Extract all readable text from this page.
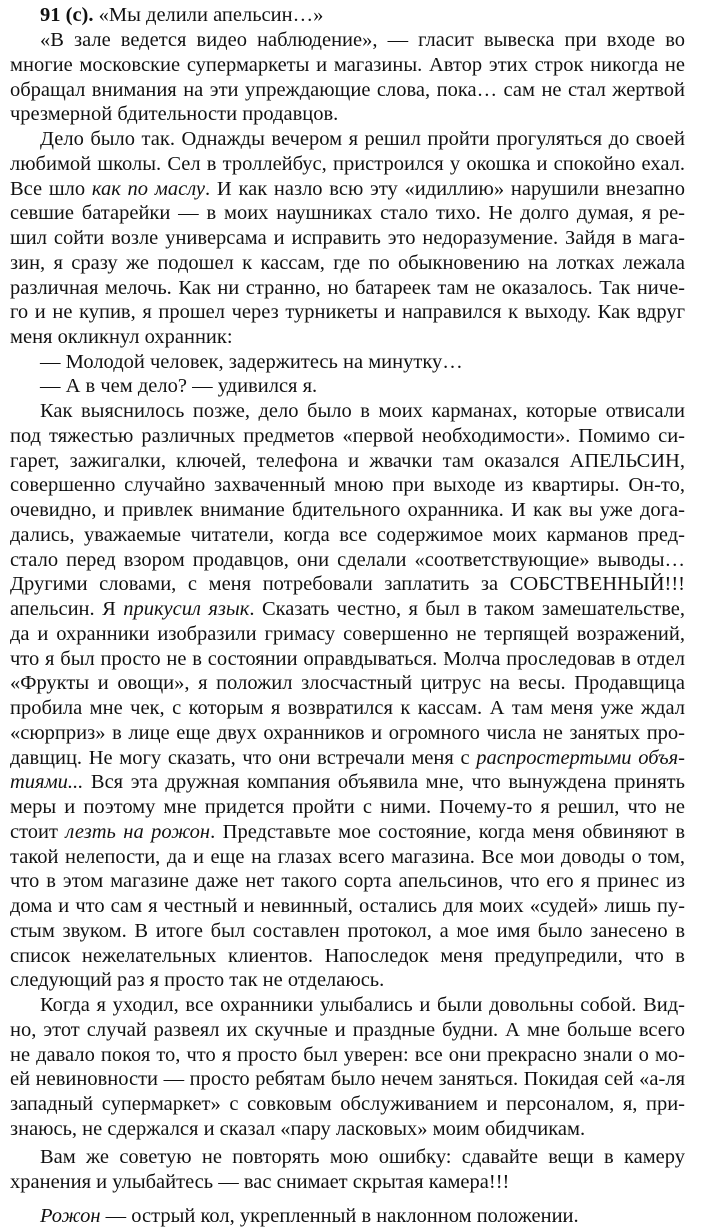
91 (с). «Мы делили апельсин…»
«В зале ведется видео наблюдение», — гласит вывеска при входе во
многие московские супермаркеты и магазины. Автор этих строк никогда не
обращал внимания на эти упреждающие слова, пока… сам не стал жертвой
чрезмерной бдительности продавцов.
Дело было так. Однажды вечером я решил пройти прогуляться до своей
любимой школы. Сел в троллейбус, пристроился у окошка и спокойно ехал.
Все шло как по маслу. И как назло всю эту «идиллию» нарушили внезапно
севшие батарейки — в моих наушниках стало тихо. Не долго думая, я ре-
шил сойти возле универсама и исправить это недоразумение. Зайдя в мага-
зин, я сразу же подошел к кассам, где по обыкновению на лотках лежала
различная мелочь. Как ни странно, но батареек там не оказалось. Так ниче-
го и не купив, я прошел через турникеты и направился к выходу. Как вдруг
меня окликнул охранник:
— Молодой человек, задержитесь на минутку…
— А в чем дело? — удивился я.
Как выяснилось позже, дело было в моих карманах, которые отвисали
под тяжестью различных предметов «первой необходимости». Помимо си-
гарет, зажигалки, ключей, телефона и жвачки там оказался АПЕЛЬСИН,
совершенно случайно захваченный мною при выходе из квартиры. Он-то,
очевидно, и привлек внимание бдительного охранника. И как вы уже дога-
дались, уважаемые читатели, когда все содержимое моих карманов пред-
стало перед взором продавцов, они сделали «соответствующие» выводы…
Другими словами, с меня потребовали заплатить за СОБСТВЕННЫЙ!!!
апельсин. Я прикусил язык. Сказать честно, я был в таком замешательстве,
да и охранники изобразили гримасу совершенно не терпящей возражений,
что я был просто не в состоянии оправдываться. Молча проследовав в отдел
«Фрукты и овощи», я положил злосчастный цитрус на весы. Продавщица
пробила мне чек, с которым я возвратился к кассам. А там меня уже ждал
«сюрприз» в лице еще двух охранников и огромного числа не занятых про-
давщиц. Не могу сказать, что они встречали меня с распростертыми объя-
тиями... Вся эта дружная компания объявила мне, что вынуждена принять
меры и поэтому мне придется пройти с ними. Почему-то я решил, что не
стоит лезть на рожон. Представьте мое состояние, когда меня обвиняют в
такой нелепости, да и еще на глазах всего магазина. Все мои доводы о том,
что в этом магазине даже нет такого сорта апельсинов, что его я принес из
дома и что сам я честный и невинный, остались для моих «судей» лишь пу-
стым звуком. В итоге был составлен протокол, а мое имя было занесено в
список нежелательных клиентов. Напоследок меня предупредили, что в
следующий раз я просто так не отделаюсь.
Когда я уходил, все охранники улыбались и были довольны собой. Вид-
но, этот случай развеял их скучные и праздные будни. А мне больше всего
не давало покоя то, что я просто был уверен: все они прекрасно знали о мо-
ей невиновности — просто ребятам было нечем заняться. Покидая сей «а-ля
западный супермаркет» с совковым обслуживанием и персоналом, я, при-
знаюсь, не сдержался и сказал «пару ласковых» моим обидчикам.
Вам же советую не повторять мою ошибку: сдавайте вещи в камеру
хранения и улыбайтесь — вас снимает скрытая камера!!!
Рожон — острый кол, укрепленный в наклонном положении.
